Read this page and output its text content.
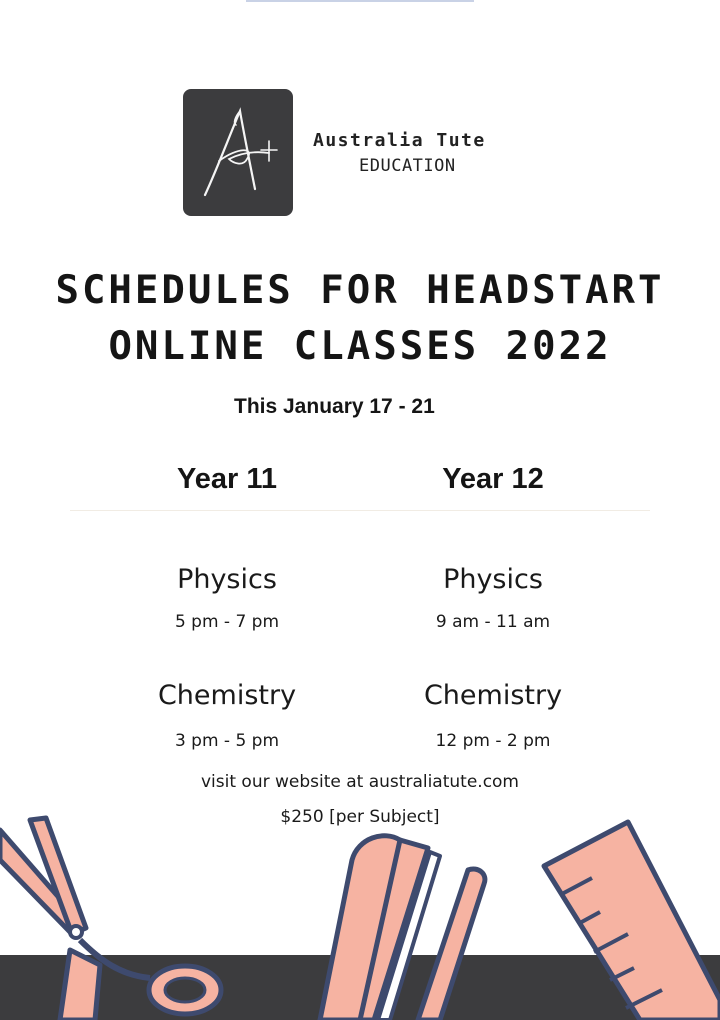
Australia Tute
EDUCATION
SCHEDULES FOR HEADSTART
ONLINE CLASSES 2022
This January 17 - 21
Year 11	Year 12
Physics
5 pm - 7 pm
Chemistry
3 pm - 5 pm
Physics
9 am - 11 am
Chemistry
12 pm - 2 pm
visit our website at australiatute.com
$250 [per Subject]
